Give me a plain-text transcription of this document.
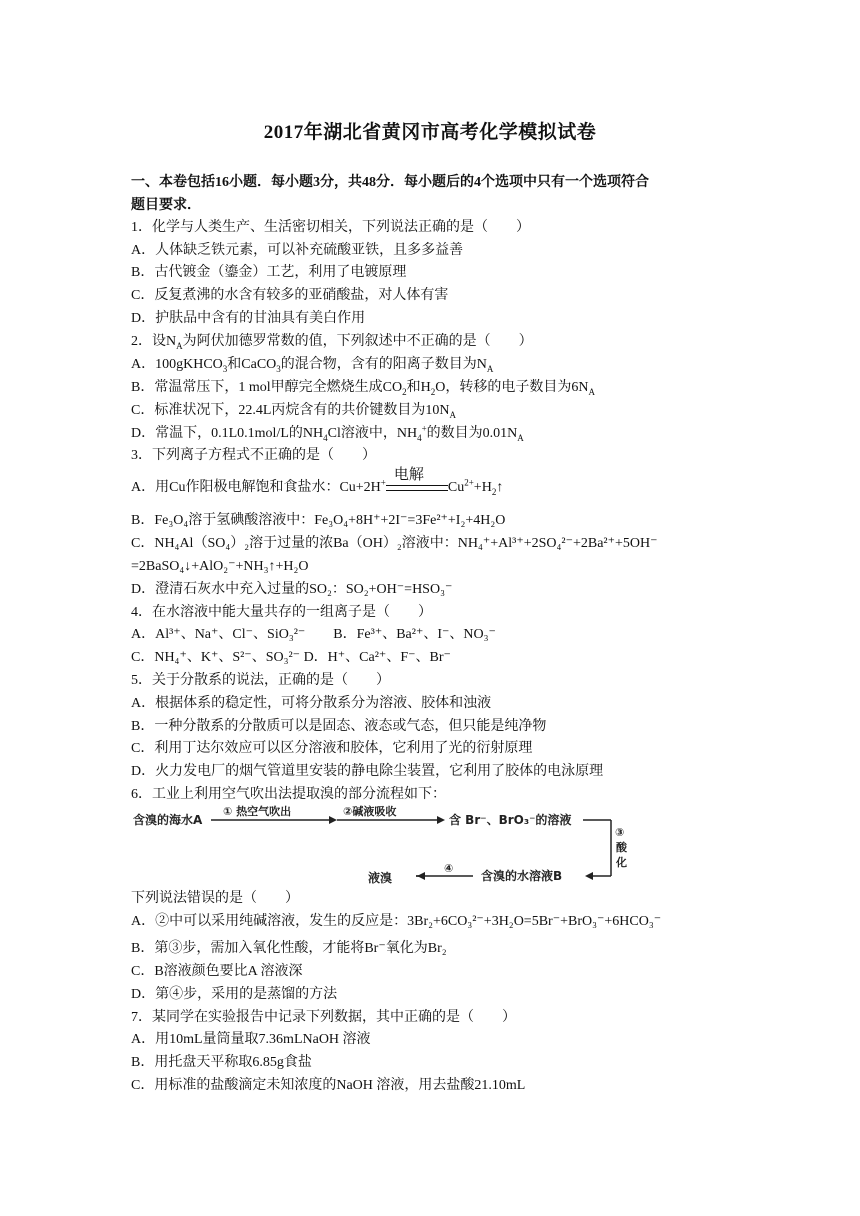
2017年湖北省黄冈市高考化学模拟试卷
一、本卷包括16小题．每小题3分，共48分．每小题后的4个选项中只有一个选项符合
题目要求．
1．化学与人类生产、生活密切相关，下列说法正确的是（　　）
A．人体缺乏铁元素，可以补充硫酸亚铁，且多多益善
B．古代镀金（鎏金）工艺，利用了电镀原理
C．反复煮沸的水含有较多的亚硝酸盐，对人体有害
D．护肤品中含有的甘油具有美白作用
2．设$N_A$为阿伏加德罗常数的值，下列叙述中不正确的是（　　）
A．100gKHCO$_3$和CaCO$_3$的混合物，含有的阳离子数目为$N_A$
B．常温常压下，1 mol甲醇完全燃烧生成$CO_2$和$H_2O$，转移的电子数目为$6N_A$
C．标准状况下，22.4L丙烷含有的共价键数目为$10N_A$
D．常温下，0.1L0.1mol/L的$NH_4Cl$溶液中，$NH_4^+$的数目为$0.01N_A$
3．下列离子方程式不正确的是（　　）
A．用Cu作阳极电解饱和食盐水：Cu+2H+ 电解
$Cu^{2+}+H_2↑$
B．Fe₃O₄溶于氢碘酸溶液中：Fe₃O₄+8H⁺+2I⁻=3Fe²⁺+I₂+4H₂O
C．NH₄Al（SO₄）₂溶于过量的浓Ba（OH）₂溶液中：NH₄⁺+Al³⁺+2SO₄²⁻+2Ba²⁺+5OH⁻
=2BaSO₄↓+AlO₂⁻+NH₃↑+H₂O
D．澄清石灰水中充入过量的SO₂：SO₂+OH⁻=HSO₃⁻
4．在水溶液中能大量共存的一组离子是（　　）
A．Al³⁺、Na⁺、Cl⁻、SiO₃²⁻　　B．Fe³⁺、Ba²⁺、I⁻、NO₃⁻
C．NH₄⁺、K⁺、S²⁻、SO₃²⁻ D．H⁺、Ca²⁺、F⁻、Br⁻
5．关于分散系的说法，正确的是（　　）
A．根据体系的稳定性，可将分散系分为溶液、胶体和浊液
B．一种分散系的分散质可以是固态、液态或气态，但只能是纯净物
C．利用丁达尔效应可以区分溶液和胶体，它利用了光的衍射原理
D．火力发电厂的烟气管道里安装的静电除尘装置，它利用了胶体的电泳原理
6．工业上利用空气吹出法提取溴的部分流程如下：
含溴的海水A
① 热空气吹出	②碱液吸收
含 Br⁻、BrO₃⁻的溶液
③
酸
化
含溴的水溶液B
④
液溴
下列说法错误的是（　　）
A．②中可以采用纯碱溶液，发生的反应是：3Br₂+6CO₃²⁻+3H₂O=5Br⁻+BrO₃⁻+6HCO₃⁻
B．第③步，需加入氧化性酸，才能将Br⁻氧化为Br₂
C．B溶液颜色要比A 溶液深
D．第④步，采用的是蒸馏的方法
7．某同学在实验报告中记录下列数据，其中正确的是（　　）
A．用10mL量筒量取7.36mLNaOH 溶液
B．用托盘天平称取6.85g食盐
C．用标准的盐酸滴定未知浓度的NaOH 溶液，用去盐酸21.10mL
